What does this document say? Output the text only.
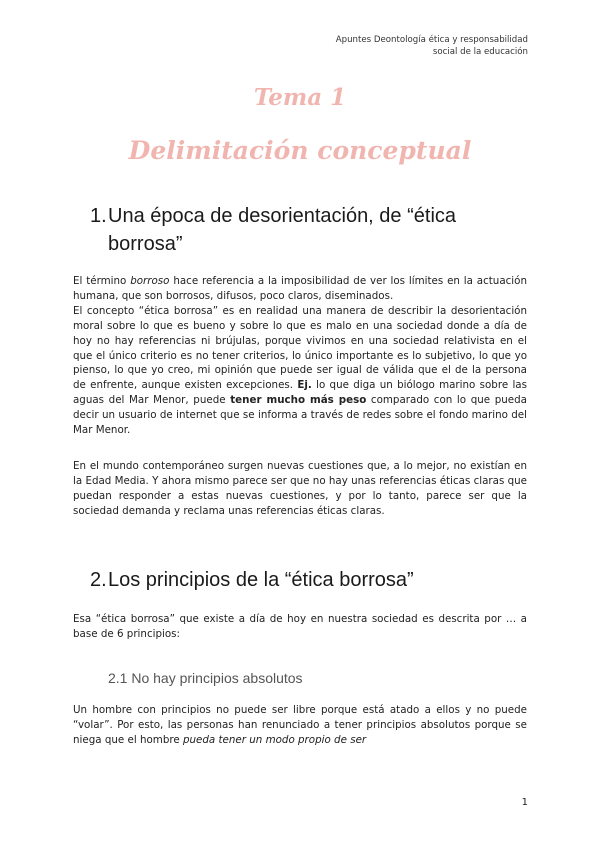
Apuntes Deontología ética y responsabilidad
social de la educación
Tema 1
Delimitación conceptual
1. Una época de desorientación, de “ética borrosa”
El término borroso hace referencia a la imposibilidad de ver los límites en la actuación humana, que son borrosos, difusos, poco claros, diseminados.
El concepto “ética borrosa” es en realidad una manera de describir la desorientación moral sobre lo que es bueno y sobre lo que es malo en una sociedad donde a día de hoy no hay referencias ni brújulas, porque vivimos en una sociedad relativista en el que el único criterio es no tener criterios, lo único importante es lo subjetivo, lo que yo pienso, lo que yo creo, mi opinión que puede ser igual de válida que el de la persona de enfrente, aunque existen excepciones. Ej. lo que diga un biólogo marino sobre las aguas del Mar Menor, puede tener mucho más peso comparado con lo que pueda decir un usuario de internet que se informa a través de redes sobre el fondo marino del Mar Menor.
En el mundo contemporáneo surgen nuevas cuestiones que, a lo mejor, no existían en la Edad Media. Y ahora mismo parece ser que no hay unas referencias éticas claras que puedan responder a estas nuevas cuestiones, y por lo tanto, parece ser que la sociedad demanda y reclama unas referencias éticas claras.
2. Los principios de la “ética borrosa”
Esa “ética borrosa” que existe a día de hoy en nuestra sociedad es descrita por … a base de 6 principios:
2.1 No hay principios absolutos
Un hombre con principios no puede ser libre porque está atado a ellos y no puede “volar”. Por esto, las personas han renunciado a tener principios absolutos porque se niega que el hombre pueda tener un modo propio de ser
1
